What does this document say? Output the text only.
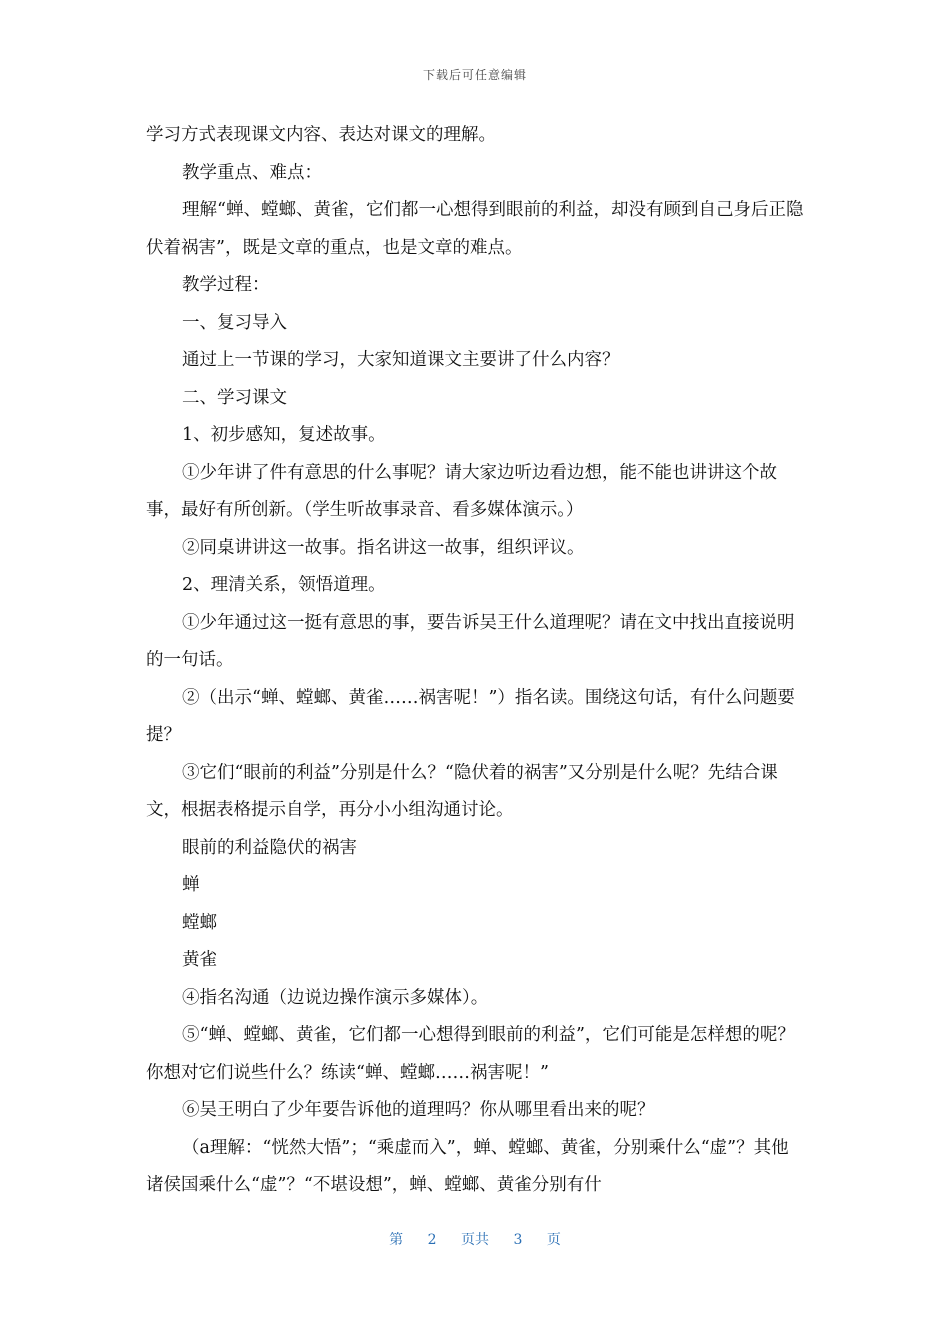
下载后可任意编辑

学习方式表现课文内容、表达对课文的理解。

教学重点、难点：

理解“蝉、螳螂、黄雀，它们都一心想得到眼前的利益，却没有顾到自己身后正隐伏着祸害”，既是文章的重点，也是文章的难点。

教学过程：

一、复习导入

通过上一节课的学习，大家知道课文主要讲了什么内容？

二、学习课文

1、初步感知，复述故事。

①少年讲了件有意思的什么事呢？请大家边听边看边想，能不能也讲讲这个故事，最好有所创新。（学生听故事录音、看多媒体演示。）

②同桌讲讲这一故事。指名讲这一故事，组织评议。

2、理清关系，领悟道理。

①少年通过这一挺有意思的事，要告诉吴王什么道理呢？请在文中找出直接说明的一句话。

②（出示“蝉、螳螂、黄雀……祸害呢！”）指名读。围绕这句话，有什么问题要提？

③它们“眼前的利益”分别是什么？“隐伏着的祸害”又分别是什么呢？先结合课文，根据表格提示自学，再分小小组沟通讨论。

眼前的利益隐伏的祸害

蝉

螳螂

黄雀

④指名沟通（边说边操作演示多媒体）。

⑤“蝉、螳螂、黄雀，它们都一心想得到眼前的利益”，它们可能是怎样想的呢？你想对它们说些什么？练读“蝉、螳螂……祸害呢！”

⑥吴王明白了少年要告诉他的道理吗？你从哪里看出来的呢？

（a理解：“恍然大悟”；“乘虚而入”，蝉、螳螂、黄雀，分别乘什么“虚”？其他诸侯国乘什么“虚”？“不堪设想”，蝉、螳螂、黄雀分别有什

第 2 页共 3 页
